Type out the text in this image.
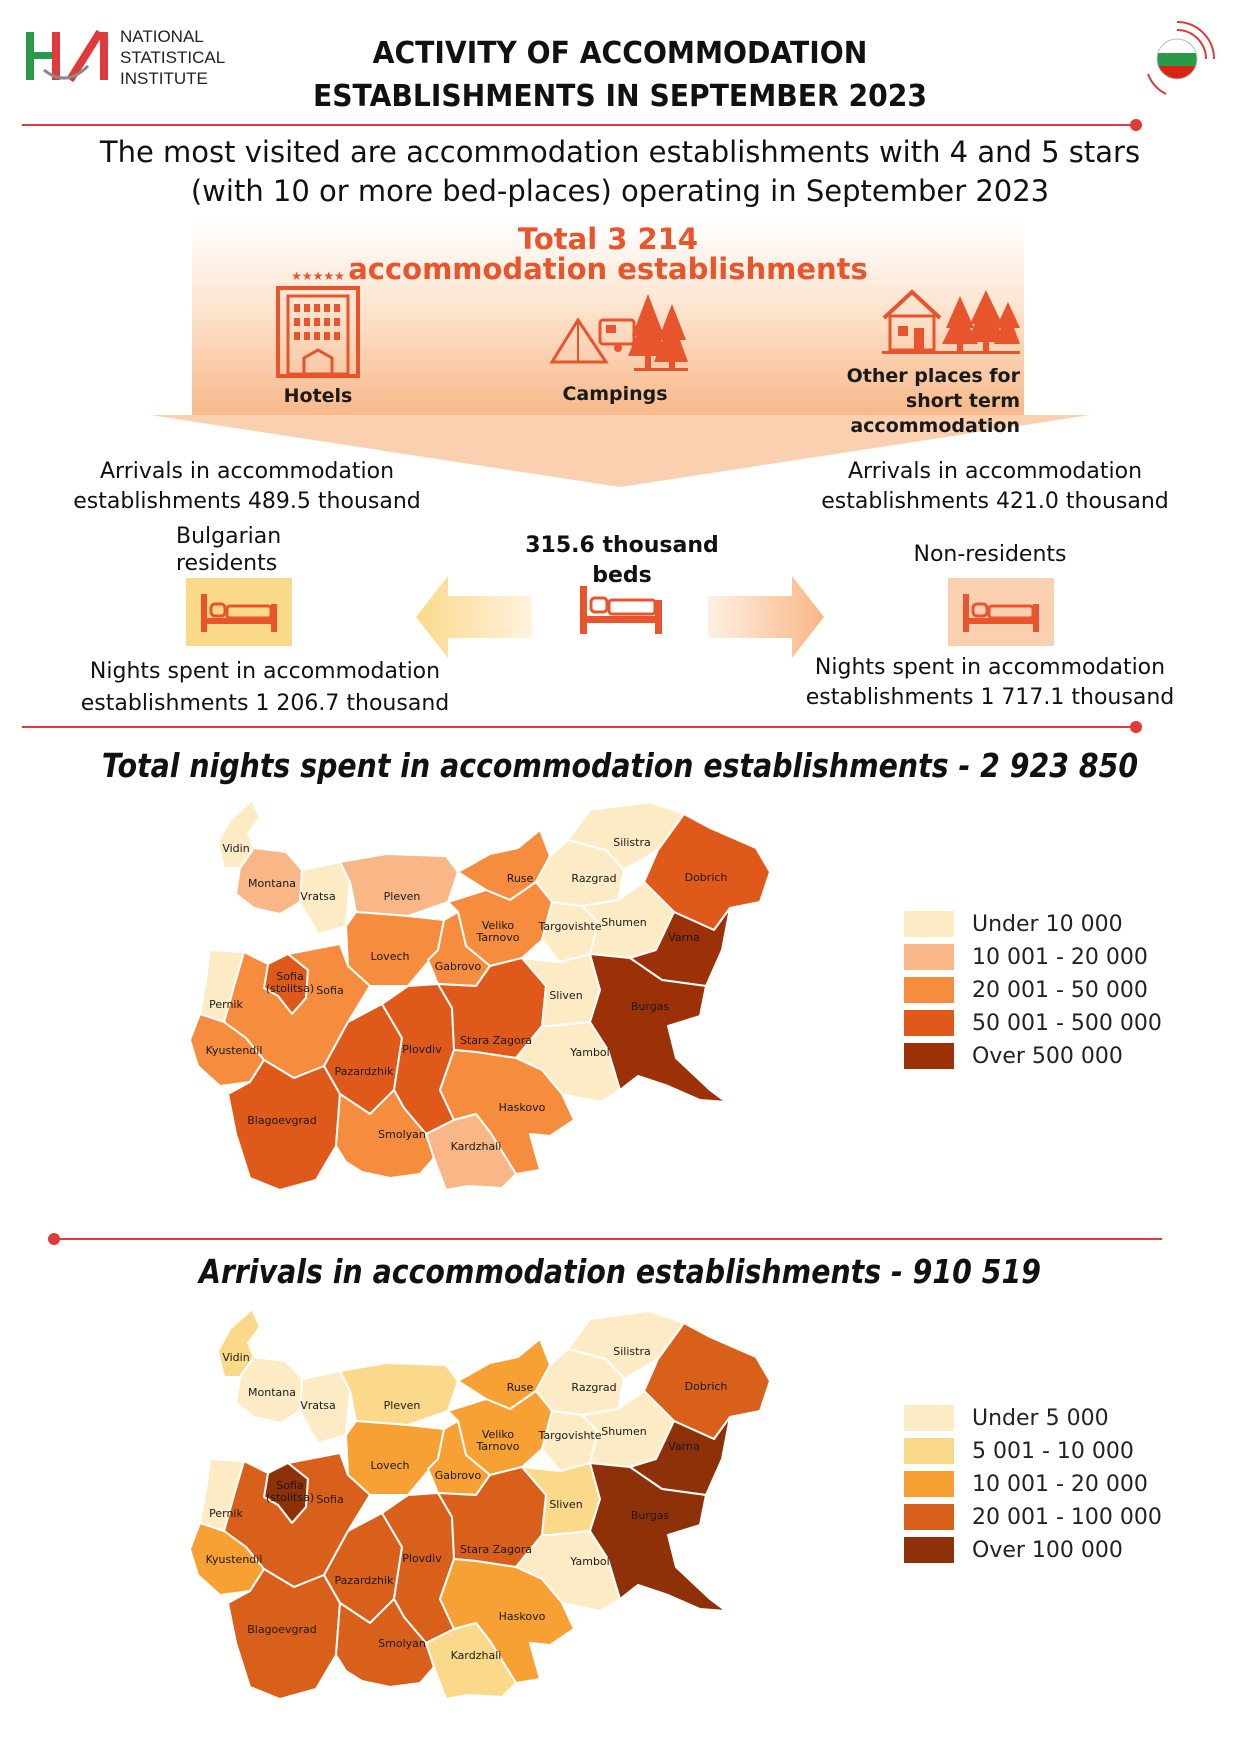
NATIONAL
STATISTICAL
INSTITUTE
ACTIVITY OF ACCOMMODATION
ESTABLISHMENTS IN SEPTEMBER 2023
The most visited are accommodation establishments with 4 and 5 stars
(with 10 or more bed-places) operating in September 2023
Total 3 214
accommodation establishments
★★★★★
Hotels	Campings
Other places for
short term accommodation
Arrivals in accommodation
establishments 489.5 thousand
Bulgarian
residents
Nights spent in accommodation
establishments 1 206.7 thousand
315.6 thousand
beds
Arrivals in accommodation
establishments 421.0 thousand
Non-residents
Nights spent in accommodation
establishments 1 717.1 thousand
Total nights spent in accommodation establishments - 2 923 850
Vidin
Montana
Vratsa	Pleven
Ruse	Razgrad
Silistra
Dobrich
Lovech
Veliko Tarnovo
Gabrovo
Targovishte Shumen
Varna
Sofia (stolitsa) Sofia
Pernik
Kyustendil
Blagoevgrad
Pazardzhik
Plovdiv
Stara Zagora
Sliven
Yambol
Burgas
Haskovo
Smolyan
Kardzhali
Under 10 000
10 001 - 20 000
20 001 - 50 000
50 001 - 500 000
Over 500 000
Arrivals in accommodation establishments - 910 519
Vidin
Montana
Vratsa	Pleven
Ruse	Razgrad
Silistra
Dobrich
Lovech
Veliko Tarnovo
Gabrovo
Targovishte Shumen
Varna
Sofia (stolitsa) Sofia
Pernik
Kyustendil
Blagoevgrad
Pazardzhik
Plovdiv
Stara Zagora
Sliven
Yambol
Burgas
Haskovo
Smolyan
Kardzhali
Under 5 000
5 001 - 10 000
10 001 - 20 000
20 001 - 100 000
Over 100 000
